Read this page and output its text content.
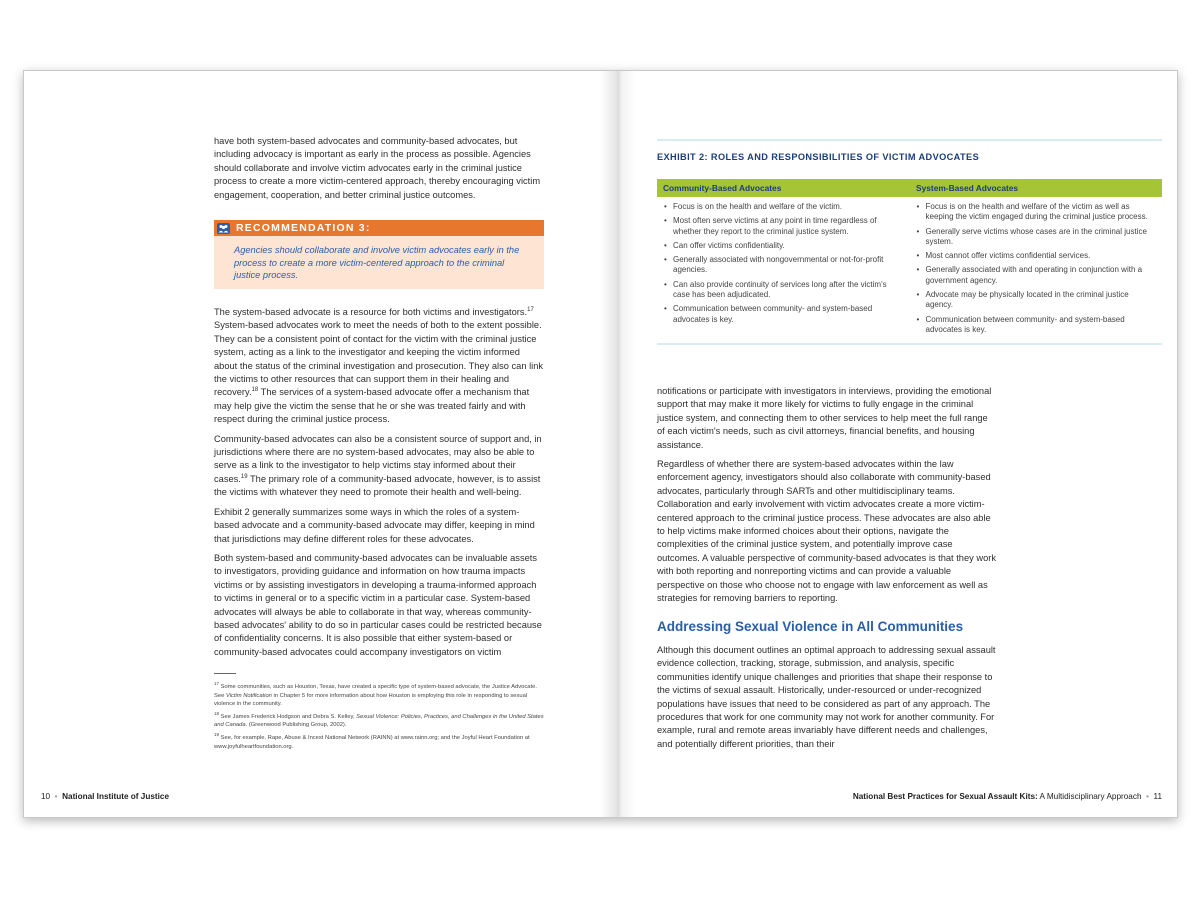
have both system-based advocates and community-based advocates, but including advocacy is important as early in the process as possible. Agencies should collaborate and involve victim advocates early in the criminal justice process to create a more victim-centered approach, thereby encouraging victim engagement, cooperation, and better criminal justice outcomes.

RECOMMENDATION 3:
Agencies should collaborate and involve victim advocates early in the process to create a more victim-centered approach to the criminal justice process.

The system-based advocate is a resource for both victims and investigators.$^{17}$ System-based advocates work to meet the needs of both to the extent possible. They can be a consistent point of contact for the victim with the criminal justice system, acting as a link to the investigator and keeping the victim informed about the status of the criminal investigation and prosecution. They also can link the victims to other resources that can support them in their healing and recovery.$^{18}$ The services of a system-based advocate offer a mechanism that may help give the victim the sense that he or she was treated fairly and with respect during the criminal justice process.

Community-based advocates can also be a consistent source of support and, in jurisdictions where there are no system-based advocates, may also be able to serve as a link to the investigator to help victims stay informed about their cases.$^{19}$ The primary role of a community-based advocate, however, is to assist the victims with whatever they need to promote their health and well-being.

Exhibit 2 generally summarizes some ways in which the roles of a system-based advocate and a community-based advocate may differ, keeping in mind that jurisdictions may define different roles for these advocates.

Both system-based and community-based advocates can be invaluable assets to investigators, providing guidance and information on how trauma impacts victims or by assisting investigators in developing a trauma-informed approach to victims in general or to a specific victim in a particular case. System-based advocates will always be able to collaborate in that way, whereas community-based advocates' ability to do so in particular cases could be restricted because of confidentiality concerns. It is also possible that either system-based or community-based advocates could accompany investigators on victim

$^{17}$ Some communities, such as Houston, Texas, have created a specific type of system-based advocate, the Justice Advocate. See Victim Notification in Chapter 5 for more information about how Houston is employing this role in responding to sexual violence in the community.

$^{18}$ See James Frederick Hodgson and Debra S. Kelley, Sexual Violence: Policies, Practices, and Challenges in the United States and Canada. (Greenwood Publishing Group, 2002).

$^{19}$ See, for example, Rape, Abuse & Incest National Network (RAINN) at www.rainn.org; and the Joyful Heart Foundation at www.joyfulheartfoundation.org.

10 • National Institute of Justice
EXHIBIT 2: ROLES AND RESPONSIBILITIES OF VICTIM ADVOCATES
Community-Based Advocates	System-Based Advocates
• Focus is on the health and welfare of the victim.
• Most often serve victims at any point in time regardless of whether they report to the criminal justice system.
• Can offer victims confidentiality.
• Generally associated with nongovernmental or not-for-profit agencies.
• Can also provide continuity of services long after the victim's case has been adjudicated.
• Communication between community- and system-based advocates is key.
• Focus is on the health and welfare of the victim as well as keeping the victim engaged during the criminal justice process.
• Generally serve victims whose cases are in the criminal justice system.
• Most cannot offer victims confidential services.
• Generally associated with and operating in conjunction with a government agency.
• Advocate may be physically located in the criminal justice agency.
• Communication between community- and system-based advocates is key.

notifications or participate with investigators in interviews, providing the emotional support that may make it more likely for victims to fully engage in the criminal justice system, and connecting them to other services to help meet the full range of each victim's needs, such as civil attorneys, financial benefits, and housing assistance.

Regardless of whether there are system-based advocates within the law enforcement agency, investigators should also collaborate with community-based advocates, particularly through SARTs and other multidisciplinary teams. Collaboration and early involvement with victim advocates create a more victim-centered approach to the criminal justice process. These advocates are also able to help victims make informed choices about their options, navigate the complexities of the criminal justice system, and potentially improve case outcomes. A valuable perspective of community-based advocates is that they work with both reporting and nonreporting victims and can provide a valuable perspective on those who choose not to engage with law enforcement as well as strategies for removing barriers to reporting.

Addressing Sexual Violence in All Communities

Although this document outlines an optimal approach to addressing sexual assault evidence collection, tracking, storage, submission, and analysis, specific communities identify unique challenges and priorities that shape their response to the victims of sexual assault. Historically, under-resourced or under-recognized populations have issues that need to be considered as part of any approach. The procedures that work for one community may not work for another community. For example, rural and remote areas invariably have different needs and challenges, and potentially different priorities, than their

National Best Practices for Sexual Assault Kits: A Multidisciplinary Approach • 11
